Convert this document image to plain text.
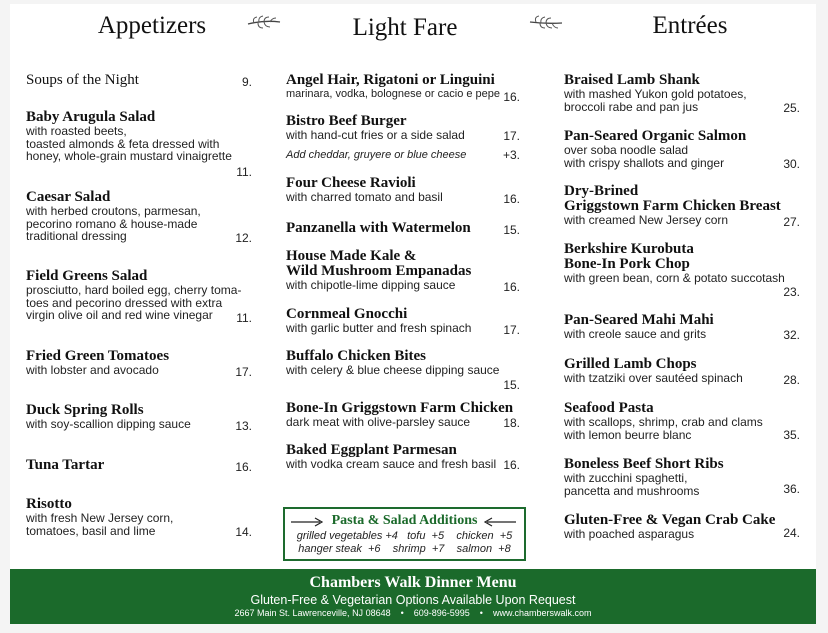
Appetizers	Light Fare	Entrées
Soups of the Night	9.
Baby Arugula Salad
with roasted beets,
toasted almonds & feta dressed with
honey, whole-grain mustard vinaigrette
11.
Caesar Salad
with herbed croutons, parmesan,
pecorino romano & house-made
traditional dressing	12.
Field Greens Salad
prosciutto, hard boiled egg, cherry toma-
toes and pecorino dressed with extra
virgin olive oil and red wine vinegar	11.
Fried Green Tomatoes
with lobster and avocado	17.
Duck Spring Rolls
with soy-scallion dipping sauce	13.
Tuna Tartar	16.
Risotto
with fresh New Jersey corn,
tomatoes, basil and lime	14.
Angel Hair, Rigatoni or Linguini
marinara, vodka, bolognese or cacio e pepe 16.
Bistro Beef Burger
with hand-cut fries or a side salad
Add cheddar, gruyere or blue cheese
17.
+3.
Four Cheese Ravioli
with charred tomato and basil	16.
Panzanella with Watermelon	15.
House Made Kale &
Wild Mushroom Empanadas
with chipotle-lime dipping sauce	16.
Cornmeal Gnocchi
with garlic butter and fresh spinach	17.
Buffalo Chicken Bites
with celery & blue cheese dipping sauce
15.
Bone-In Griggstown Farm Chicken
dark meat with olive-parsley sauce	18.
Baked Eggplant Parmesan
with vodka cream sauce and fresh basil 16.
Pasta & Salad Additions
grilled vegetables +4   tofu  +5    chicken  +5
hanger steak  +6    shrimp  +7    salmon  +8
Braised Lamb Shank
with mashed Yukon gold potatoes,
broccoli rabe and pan jus	25.
Pan-Seared Organic Salmon
over soba noodle salad
with crispy shallots and ginger	30.
Dry-Brined
Griggstown Farm Chicken Breast
with creamed New Jersey corn	27.
Berkshire Kurobuta
Bone-In Pork Chop
with green bean, corn & potato succotash
23.
Pan-Seared Mahi Mahi
with creole sauce and grits	32.
Grilled Lamb Chops
with tzatziki over sautéed spinach	28.
Seafood Pasta
with scallops, shrimp, crab and clams
with lemon beurre blanc	35.
Boneless Beef Short Ribs
with zucchini spaghetti,
pancetta and mushrooms	36.
Gluten-Free & Vegan Crab Cake
with poached asparagus	24.
Chambers Walk Dinner Menu
Gluten-Free & Vegetarian Options Available Upon Request
2667 Main St. Lawrenceville, NJ 08648    •    609-896-5995    •    www.chamberswalk.com
